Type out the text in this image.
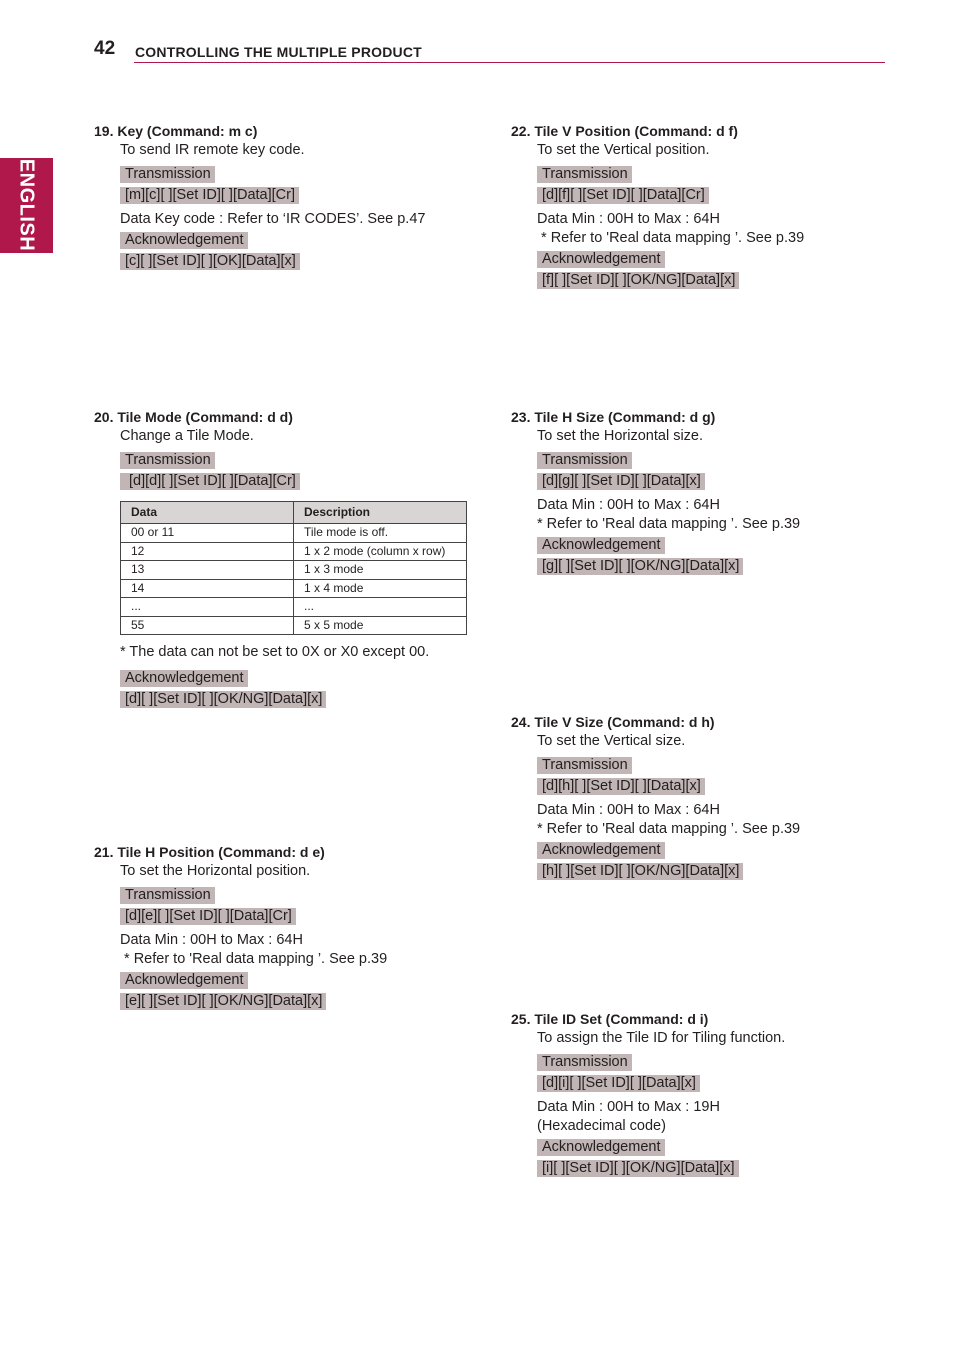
42 CONTROLLING THE MULTIPLE PRODUCT
ENGLISH

19. Key (Command: m c)

To send IR remote key code.

Transmission
[m][c][ ][Set ID][ ][Data][Cr]

Data Key code : Refer to ‘IR CODES’. See p.47

Acknowledgement
[c][ ][Set ID][ ][OK][Data][x]

20. Tile Mode (Command: d d)

Change a Tile Mode.

Transmission
[d][d][ ][Set ID][ ][Data][Cr]
Data	Description
00 or 11	Tile mode is off.
12	1 x 2 mode (column x row)
13	1 x 3 mode
14	1 x 4 mode
...	...
55	5 x 5 mode

* The data can not be set to 0X or X0 except 00.

Acknowledgement
[d][ ][Set ID][ ][OK/NG][Data][x]

21. Tile H Position (Command: d e)

To set the Horizontal position.

Transmission
[d][e][ ][Set ID][ ][Data][Cr]

Data Min : 00H to Max : 64H

* Refer to 'Real data mapping ’. See p.39

Acknowledgement
[e][ ][Set ID][ ][OK/NG][Data][x]

22. Tile V Position (Command: d f)

To set the Vertical position.

Transmission
[d][f][ ][Set ID][ ][Data][Cr]

Data Min : 00H to Max : 64H

* Refer to 'Real data mapping ’. See p.39

Acknowledgement
[f][ ][Set ID][ ][OK/NG][Data][x]

23. Tile H Size (Command: d g)

To set the Horizontal size.

Transmission
[d][g][ ][Set ID][ ][Data][x]

Data Min : 00H to Max : 64H

* Refer to 'Real data mapping ’. See p.39

Acknowledgement
[g][ ][Set ID][ ][OK/NG][Data][x]

24. Tile V Size (Command: d h)

To set the Vertical size.

Transmission
[d][h][ ][Set ID][ ][Data][x]

Data Min : 00H to Max : 64H

* Refer to 'Real data mapping ’. See p.39

Acknowledgement
[h][ ][Set ID][ ][OK/NG][Data][x]

25. Tile ID Set (Command: d i)

To assign the Tile ID for Tiling function.

Transmission
[d][i][ ][Set ID][ ][Data][x]

Data Min : 00H to Max : 19H

(Hexadecimal code)

Acknowledgement
[i][ ][Set ID][ ][OK/NG][Data][x]
